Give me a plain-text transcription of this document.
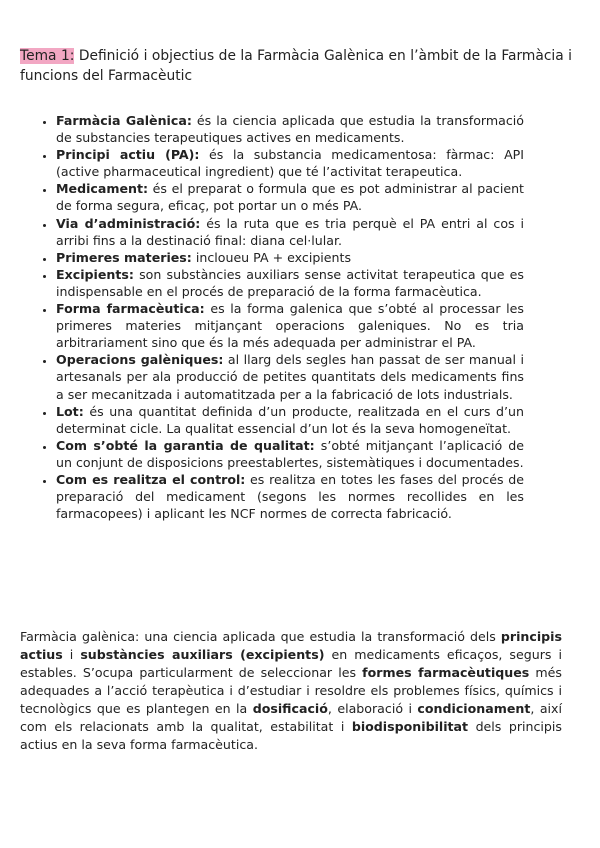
Tema 1: Definició i objectius de la Farmàcia Galènica en l’àmbit de la Farmàcia i funcions del Farmacèutic
• Farmàcia Galènica: és la ciencia aplicada que estudia la transformació de substancies terapeutiques actives en medicaments.
• Principi actiu (PA): és la substancia medicamentosa: fàrmac: API (active pharmaceutical ingredient) que té l’activitat terapeutica.
• Medicament: és el preparat o formula que es pot administrar al pacient de forma segura, eficaç, pot portar un o més PA.
• Via d’administració: és la ruta que es tria perquè el PA entri al cos i arribi fins a la destinació final: diana cel·lular.
• Primeres materies: incloueu PA + excipients
• Excipients: son substàncies auxiliars sense activitat terapeutica que es indispensable en el procés de preparació de la forma farmacèutica.
• Forma farmacèutica: es la forma galenica que s’obté al processar les primeres materies mitjançant operacions galeniques. No es tria arbitrariament sino que és la més adequada per administrar el PA.
• Operacions galèniques: al llarg dels segles han passat de ser manual i artesanals per ala producció de petites quantitats dels medicaments fins a ser mecanitzada i automatitzada per a la fabricació de lots industrials.
• Lot: és una quantitat definida d’un producte, realitzada en el curs d’un determinat cicle. La qualitat essencial d’un lot és la seva homogeneïtat.
• Com s’obté la garantia de qualitat: s’obté mitjançant l’aplicació de un conjunt de disposicions preestablertes, sistemàtiques i documentades.
• Com es realitza el control: es realitza en totes les fases del procés de preparació del medicament (segons les normes recollides en les farmacopees) i aplicant les NCF normes de correcta fabricació.
Farmàcia galènica: una ciencia aplicada que estudia la transformació dels principis actius i substàncies auxiliars (excipients) en medicaments eficaços, segurs i estables. S’ocupa particularment de seleccionar les formes farmacèutiques més adequades a l’acció terapèutica i d’estudiar i resoldre els problemes físics, químics i tecnològics que es plantegen en la dosificació, elaboració i condicionament, així com els relacionats amb la qualitat, estabilitat i biodisponibilitat dels principis actius en la seva forma farmacèutica.
